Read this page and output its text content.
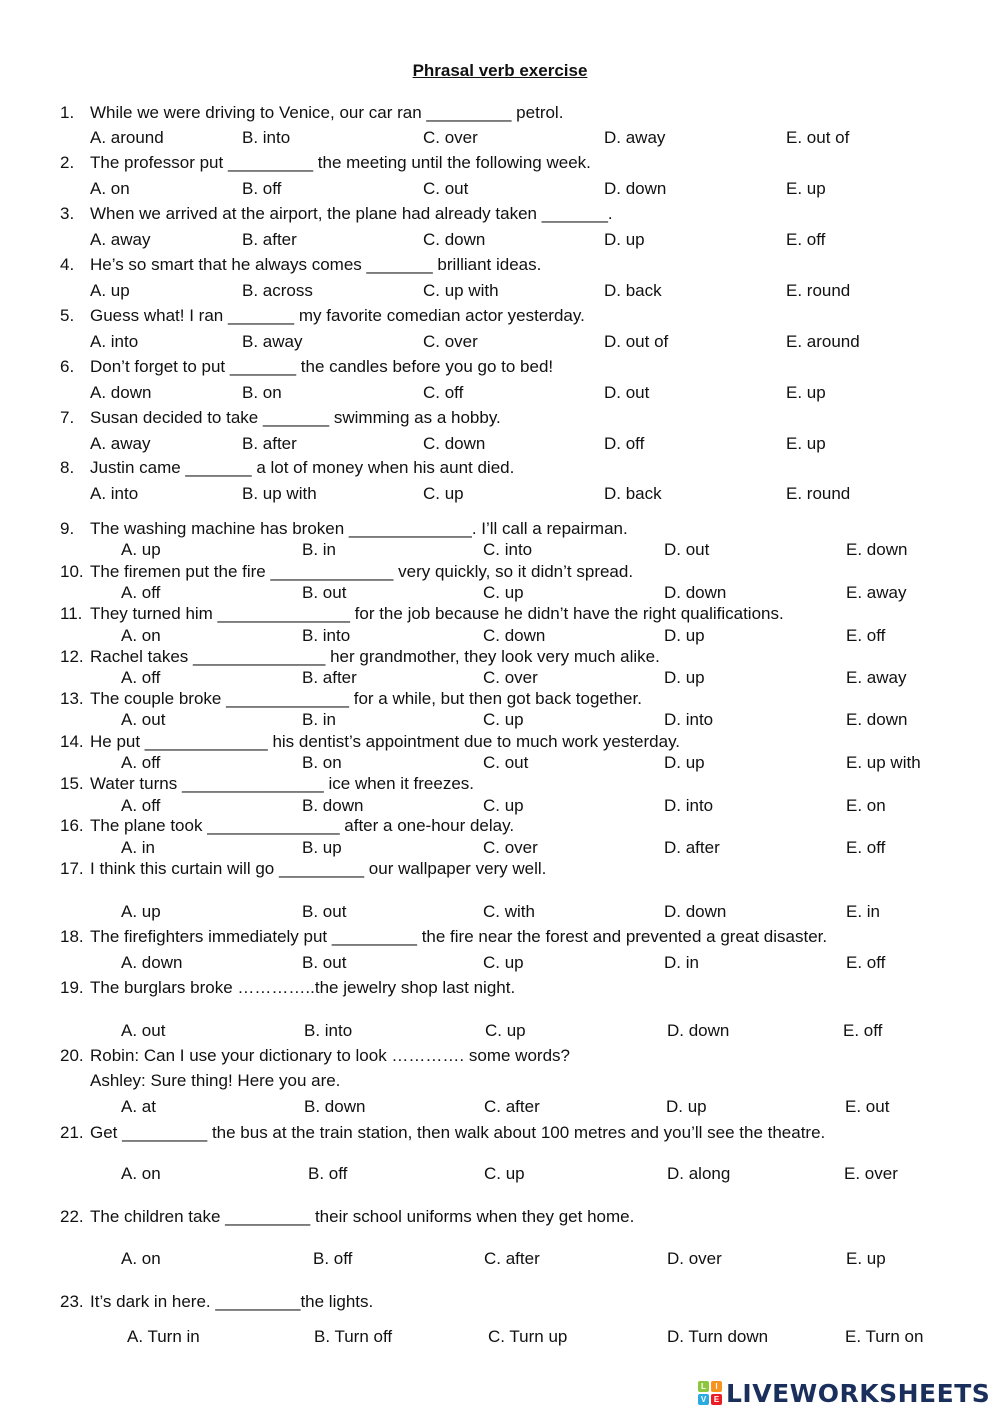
Phrasal verb exercise
1. While we were driving to Venice, our car ran _________ petrol.
A. around	B. into	C. over	D. away	E. out of
2. The professor put _________ the meeting until the following week.
A. on	B. off	C. out	D. down	E. up
3. When we arrived at the airport, the plane had already taken _______.
A. away	B. after	C. down	D. up	E. off
4. He’s so smart that he always comes _______ brilliant ideas.
A. up	B. across	C. up with	D. back	E. round
5. Guess what! I ran _______ my favorite comedian actor yesterday.
A. into	B. away	C. over	D. out of	E. around
6. Don’t forget to put _______ the candles before you go to bed!
A. down	B. on	C. off	D. out	E. up
7. Susan decided to take _______ swimming as a hobby.
A. away	B. after	C. down	D. off	E. up
8. Justin came _______ a lot of money when his aunt died.
A. into	B. up with	C. up	D. back	E. round
9. The washing machine has broken _____________. I’ll call a repairman.
A. up	B. in	C. into	D. out	E. down
10. The firemen put the fire _____________ very quickly, so it didn’t spread.
A. off	B. out	C. up	D. down	E. away
11. They turned him ______________ for the job because he didn’t have the right qualifications.
A. on	B. into	C. down	D. up	E. off
12. Rachel takes ______________ her grandmother, they look very much alike.
A. off	B. after	C. over	D. up	E. away
13. The couple broke _____________ for a while, but then got back together.
A. out	B. in	C. up	D. into	E. down
14. He put _____________ his dentist’s appointment due to much work yesterday.
A. off	B. on	C. out	D. up	E. up with
15. Water turns _______________ ice when it freezes.
A. off	B. down	C. up	D. into	E. on
16. The plane took ______________ after a one-hour delay.
A. in	B. up	C. over	D. after	E. off
17. I think this curtain will go _________ our wallpaper very well.
A. up	B. out	C. with	D. down	E. in
18. The firefighters immediately put _________ the fire near the forest and prevented a great disaster.
A. down	B. out	C. up	D. in	E. off
19. The burglars broke …………..the jewelry shop last night.
A. out	B. into	C. up	D. down	E. off
20. Robin: Can I use your dictionary to look …………. some words?
Ashley: Sure thing! Here you are.
A. at	B. down	C. after	D. up	E. out
21. Get _________ the bus at the train station, then walk about 100 metres and you’ll see the theatre.
A. on	B. off	C. up	D. along	E. over
22. The children take _________ their school uniforms when they get home.
A. on	B. off	C. after	D. over	E. up
23. It’s dark in here. _________the lights.
A. Turn in	B. Turn off	C. Turn up	D. Turn down	E. Turn on
L	I
V E LIVEWORKSHEETS
